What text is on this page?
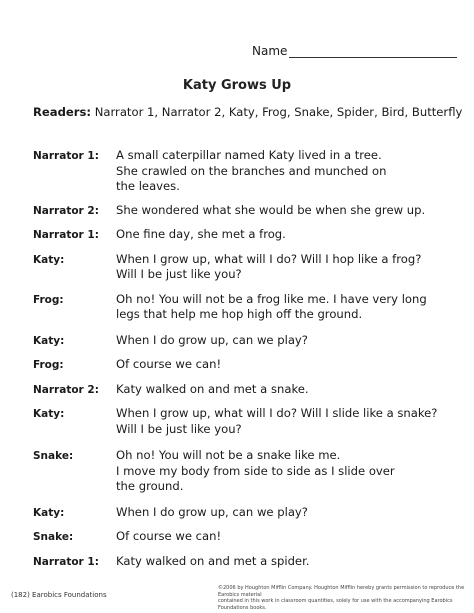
Name
Katy Grows Up
Readers: Narrator 1, Narrator 2, Katy, Frog, Snake, Spider, Bird, Butterfly
Narrator 1:	A small caterpillar named Katy lived in a tree.
She crawled on the branches and munched on
the leaves.
Narrator 2:	She wondered what she would be when she grew up.
Narrator 1:	One fine day, she met a frog.
Katy:	When I grow up, what will I do? Will I hop like a frog?
Will I be just like you?
Frog:	Oh no! You will not be a frog like me. I have very long
legs that help me hop high off the ground.
Katy:	When I do grow up, can we play?
Frog:	Of course we can!
Narrator 2:	Katy walked on and met a snake.
Katy:	When I grow up, what will I do? Will I slide like a snake?
Will I be just like you?
Snake:	Oh no! You will not be a snake like me.
I move my body from side to side as I slide over
the ground.
Katy:	When I do grow up, can we play?
Snake:	Of course we can!
Narrator 1:	Katy walked on and met a spider.
(182) Earobics Foundations
©2006 by Houghton Mifflin Company. Houghton Mifflin hereby grants permission to reproduce the Earobics material
contained in this work in classroom quantities, solely for use with the accompanying Earobics Foundations books.
